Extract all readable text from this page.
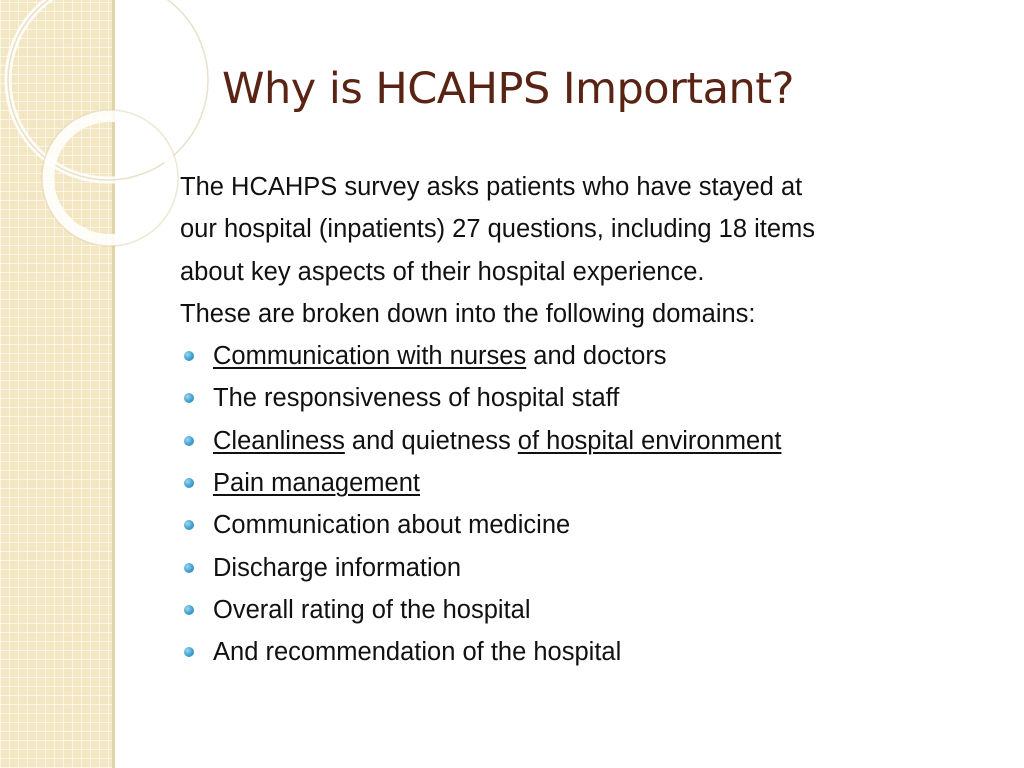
Why is HCAHPS Important?

The HCAHPS survey asks patients who have stayed at

our hospital (inpatients) 27 questions, including 18 items

about key aspects of their hospital experience.

These are broken down into the following domains:

Communication with nurses and doctors
The responsiveness of hospital staff
Cleanliness and quietness of hospital environment
Pain management
Communication about medicine
Discharge information
Overall rating of the hospital
And recommendation of the hospital
